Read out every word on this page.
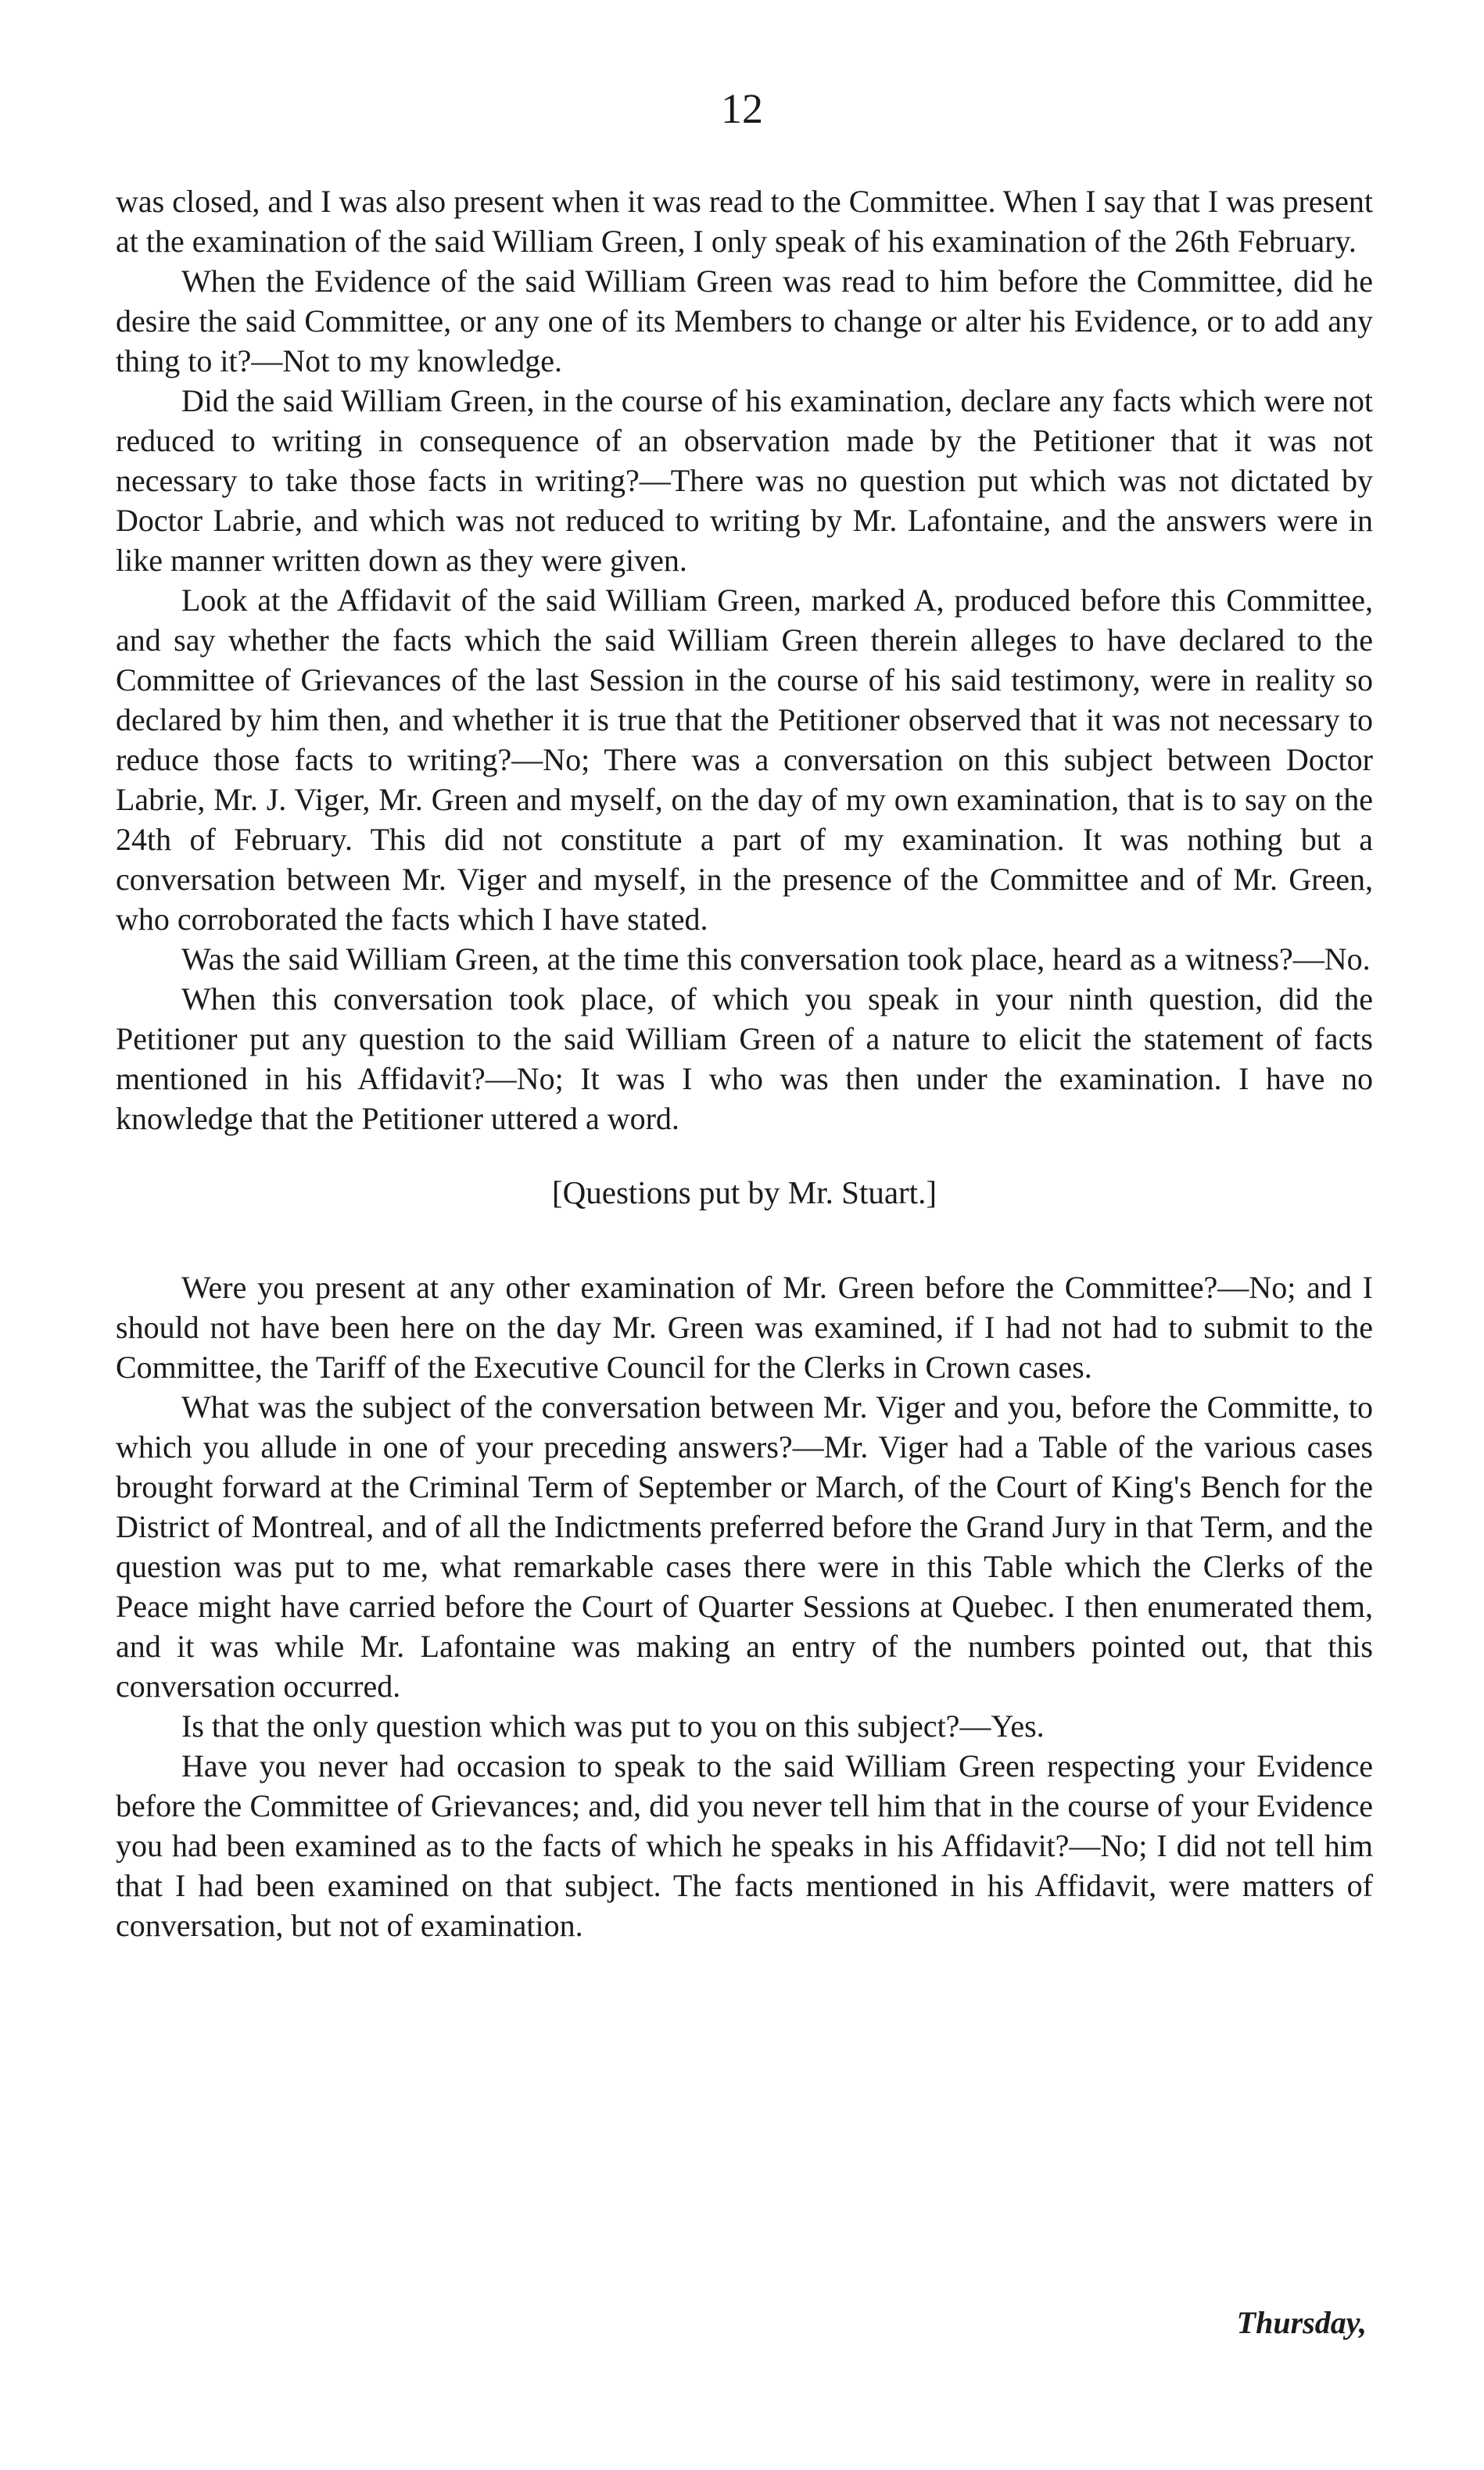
12

was closed, and I was also present when it was read to the Committee. When I say that I was present at the examination of the said William Green, I only speak of his examination of the 26th February.

When the Evidence of the said William Green was read to him before the Committee, did he desire the said Committee, or any one of its Members to change or alter his Evidence, or to add any thing to it?—Not to my knowledge.

Did the said William Green, in the course of his examination, declare any facts which were not reduced to writing in consequence of an observation made by the Petitioner that it was not necessary to take those facts in writing?—There was no question put which was not dictated by Doctor Labrie, and which was not reduced to writing by Mr. Lafontaine, and the answers were in like manner written down as they were given.

Look at the Affidavit of the said William Green, marked A, produced before this Committee, and say whether the facts which the said William Green therein alleges to have declared to the Committee of Grievances of the last Session in the course of his said testimony, were in reality so declared by him then, and whether it is true that the Petitioner observed that it was not necessary to reduce those facts to writing?—No; There was a conversation on this subject between Doctor Labrie, Mr. J. Viger, Mr. Green and myself, on the day of my own examination, that is to say on the 24th of February. This did not constitute a part of my examination. It was nothing but a conversation between Mr. Viger and myself, in the presence of the Committee and of Mr. Green, who corroborated the facts which I have stated.

Was the said William Green, at the time this conversation took place, heard as a witness?—No.

When this conversation took place, of which you speak in your ninth question, did the Petitioner put any question to the said William Green of a nature to elicit the statement of facts mentioned in his Affidavit?—No; It was I who was then under the examination. I have no knowledge that the Petitioner uttered a word.

[Questions put by Mr. Stuart.]

Were you present at any other examination of Mr. Green before the Committee?—No; and I should not have been here on the day Mr. Green was examined, if I had not had to submit to the Committee, the Tariff of the Executive Council for the Clerks in Crown cases.

What was the subject of the conversation between Mr. Viger and you, before the Committe, to which you allude in one of your preceding answers?—Mr. Viger had a Table of the various cases brought forward at the Criminal Term of September or March, of the Court of King's Bench for the District of Montreal, and of all the Indictments preferred before the Grand Jury in that Term, and the question was put to me, what remarkable cases there were in this Table which the Clerks of the Peace might have carried before the Court of Quarter Sessions at Quebec. I then enumerated them, and it was while Mr. Lafontaine was making an entry of the numbers pointed out, that this conversation occurred.

Is that the only question which was put to you on this subject?—Yes.

Have you never had occasion to speak to the said William Green respecting your Evidence before the Committee of Grievances; and, did you never tell him that in the course of your Evidence you had been examined as to the facts of which he speaks in his Affidavit?—No; I did not tell him that I had been examined on that subject. The facts mentioned in his Affidavit, were matters of conversation, but not of examination.

Thursday,
